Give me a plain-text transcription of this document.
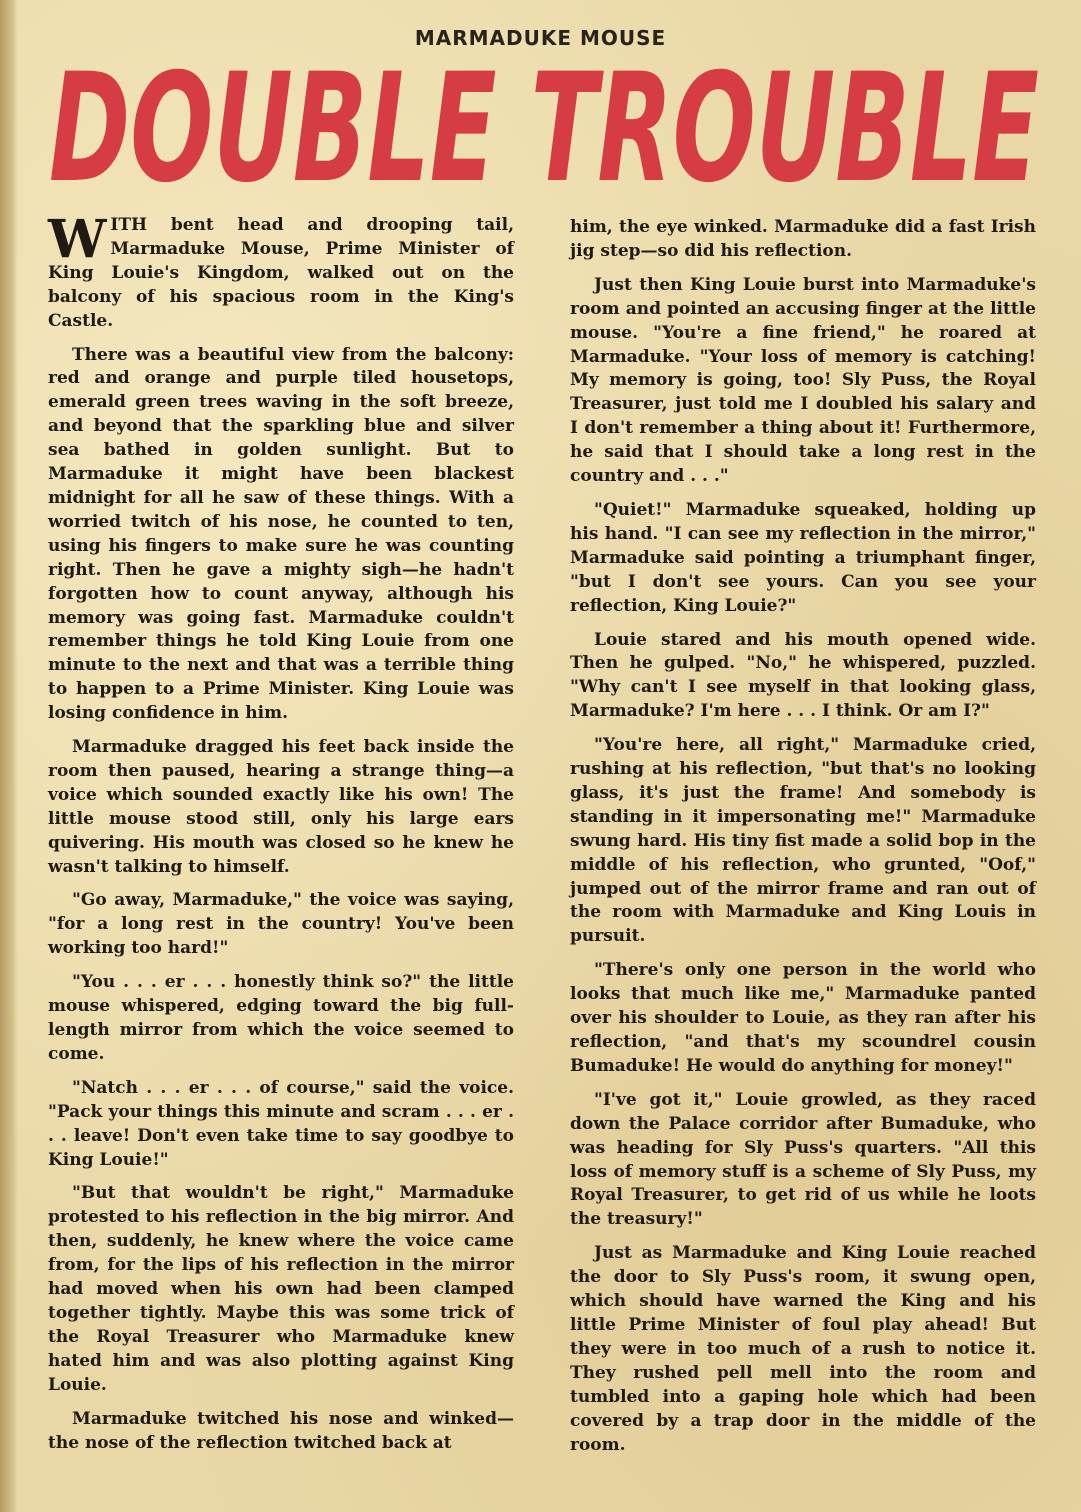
MARMADUKE MOUSE
DOUBLE TROUBLE

WITH bent head and drooping tail, Marmaduke Mouse, Prime Minister of King Louie's Kingdom, walked out on the balcony of his spacious room in the King's Castle.

There was a beautiful view from the balcony: red and orange and purple tiled housetops, emerald green trees waving in the soft breeze, and beyond that the sparkling blue and silver sea bathed in golden sunlight. But to Marmaduke it might have been blackest midnight for all he saw of these things. With a worried twitch of his nose, he counted to ten, using his fingers to make sure he was counting right. Then he gave a mighty sigh—he hadn't forgotten how to count anyway, although his memory was going fast. Marmaduke couldn't remember things he told King Louie from one minute to the next and that was a terrible thing to happen to a Prime Minister. King Louie was losing confidence in him.

Marmaduke dragged his feet back inside the room then paused, hearing a strange thing—a voice which sounded exactly like his own! The little mouse stood still, only his large ears quivering. His mouth was closed so he knew he wasn't talking to himself.

"Go away, Marmaduke," the voice was saying, "for a long rest in the country! You've been working too hard!"

"You . . . er . . . honestly think so?" the little mouse whispered, edging toward the big full-length mirror from which the voice seemed to come.

"Natch . . . er . . . of course," said the voice. "Pack your things this minute and scram . . . er . . . leave! Don't even take time to say goodbye to King Louie!"

"But that wouldn't be right," Marmaduke protested to his reflection in the big mirror. And then, suddenly, he knew where the voice came from, for the lips of his reflection in the mirror had moved when his own had been clamped together tightly. Maybe this was some trick of the Royal Treasurer who Marmaduke knew hated him and was also plotting against King Louie.

Marmaduke twitched his nose and winked—the nose of the reflection twitched back at

him, the eye winked. Marmaduke did a fast Irish jig step—so did his reflection.

Just then King Louie burst into Marmaduke's room and pointed an accusing finger at the little mouse. "You're a fine friend," he roared at Marmaduke. "Your loss of memory is catching! My memory is going, too! Sly Puss, the Royal Treasurer, just told me I doubled his salary and I don't remember a thing about it! Furthermore, he said that I should take a long rest in the country and . . ."

"Quiet!" Marmaduke squeaked, holding up his hand. "I can see my reflection in the mirror," Marmaduke said pointing a triumphant finger, "but I don't see yours. Can you see your reflection, King Louie?"

Louie stared and his mouth opened wide. Then he gulped. "No," he whispered, puzzled. "Why can't I see myself in that looking glass, Marmaduke? I'm here . . . I think. Or am I?"

"You're here, all right," Marmaduke cried, rushing at his reflection, "but that's no looking glass, it's just the frame! And somebody is standing in it impersonating me!" Marmaduke swung hard. His tiny fist made a solid bop in the middle of his reflection, who grunted, "Oof," jumped out of the mirror frame and ran out of the room with Marmaduke and King Louis in pursuit.

"There's only one person in the world who looks that much like me," Marmaduke panted over his shoulder to Louie, as they ran after his reflection, "and that's my scoundrel cousin Bumaduke! He would do anything for money!"

"I've got it," Louie growled, as they raced down the Palace corridor after Bumaduke, who was heading for Sly Puss's quarters. "All this loss of memory stuff is a scheme of Sly Puss, my Royal Treasurer, to get rid of us while he loots the treasury!"

Just as Marmaduke and King Louie reached the door to Sly Puss's room, it swung open, which should have warned the King and his little Prime Minister of foul play ahead! But they were in too much of a rush to notice it. They rushed pell mell into the room and tumbled into a gaping hole which had been covered by a trap door in the middle of the room.
